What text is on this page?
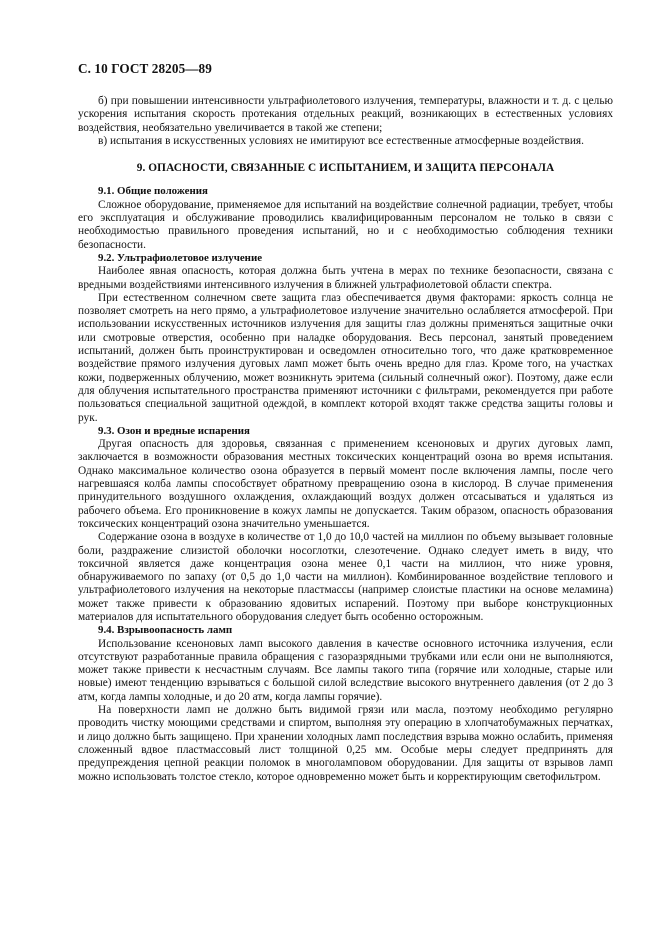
С. 10 ГОСТ 28205—89

б) при повышении интенсивности ультрафиолетового излучения, температуры, влажности и т. д. с целью ускорения испытания скорость протекания отдельных реакций, возникающих в естественных условиях воздействия, необязательно увеличивается в такой же степени;

в) испытания в искусственных условиях не имитируют все естественные атмосферные воздействия.

9. ОПАСНОСТИ, СВЯЗАННЫЕ С ИСПЫТАНИЕМ, И ЗАЩИТА ПЕРСОНАЛА
9.1. Общие положения

Сложное оборудование, применяемое для испытаний на воздействие солнечной радиации, требует, чтобы его эксплуатация и обслуживание проводились квалифицированным персоналом не только в связи с необходимостью правильного проведения испытаний, но и с необходимостью соблюдения техники безопасности.

9.2. Ультрафиолетовое излучение

Наиболее явная опасность, которая должна быть учтена в мерах по технике безопасности, связана с вредными воздействиями интенсивного излучения в ближней ультрафиолетовой области спектра.

При естественном солнечном свете защита глаз обеспечивается двумя факторами: яркость солнца не позволяет смотреть на него прямо, а ультрафиолетовое излучение значительно ослабляется атмосферой. При использовании искусственных источников излучения для защиты глаз должны применяться защитные очки или смотровые отверстия, особенно при наладке оборудования. Весь персонал, занятый проведением испытаний, должен быть проинструктирован и осведомлен относительно того, что даже кратковременное воздействие прямого излучения дуговых ламп может быть очень вредно для глаз. Кроме того, на участках кожи, подверженных облучению, может возникнуть эритема (сильный солнечный ожог). Поэтому, даже если для облучения испытательного пространства применяют источники с фильтрами, рекомендуется при работе пользоваться специальной защитной одеждой, в комплект которой входят также средства защиты головы и рук.

9.3. Озон и вредные испарения

Другая опасность для здоровья, связанная с применением ксеноновых и других дуговых ламп, заключается в возможности образования местных токсических концентраций озона во время испытания. Однако максимальное количество озона образуется в первый момент после включения лампы, после чего нагревшаяся колба лампы способствует обратному превращению озона в кислород. В случае применения принудительного воздушного охлаждения, охлаждающий воздух должен отсасываться и удаляться из рабочего объема. Его проникновение в кожух лампы не допускается. Таким образом, опасность образования токсических концентраций озона значительно уменьшается.

Содержание озона в воздухе в количестве от 1,0 до 10,0 частей на миллион по объему вызывает головные боли, раздражение слизистой оболочки носоглотки, слезотечение. Однако следует иметь в виду, что токсичной является даже концентрация озона менее 0,1 части на миллион, что ниже уровня, обнаруживаемого по запаху (от 0,5 до 1,0 части на миллион). Комбинированное воздействие теплового и ультрафиолетового излучения на некоторые пластмассы (например слоистые пластики на основе меламина) может также привести к образованию ядовитых испарений. Поэтому при выборе конструкционных материалов для испытательного оборудования следует быть особенно осторожным.

9.4. Взрывоопасность ламп

Использование ксеноновых ламп высокого давления в качестве основного источника излучения, если отсутствуют разработанные правила обращения с газоразрядными трубками или если они не выполняются, может также привести к несчастным случаям. Все лампы такого типа (горячие или холодные, старые или новые) имеют тенденцию взрываться с большой силой вследствие высокого внутреннего давления (от 2 до 3 атм, когда лампы холодные, и до 20 атм, когда лампы горячие).

На поверхности ламп не должно быть видимой грязи или масла, поэтому необходимо регулярно проводить чистку моющими средствами и спиртом, выполняя эту операцию в хлопчатобумажных перчатках, и лицо должно быть защищено. При хранении холодных ламп последствия взрыва можно ослабить, применяя сложенный вдвое пластмассовый лист толщиной 0,25 мм. Особые меры следует предпринять для предупреждения цепной реакции поломок в многоламповом оборудовании. Для защиты от взрывов ламп можно использовать толстое стекло, которое одновременно может быть и корректирующим светофильтром.
